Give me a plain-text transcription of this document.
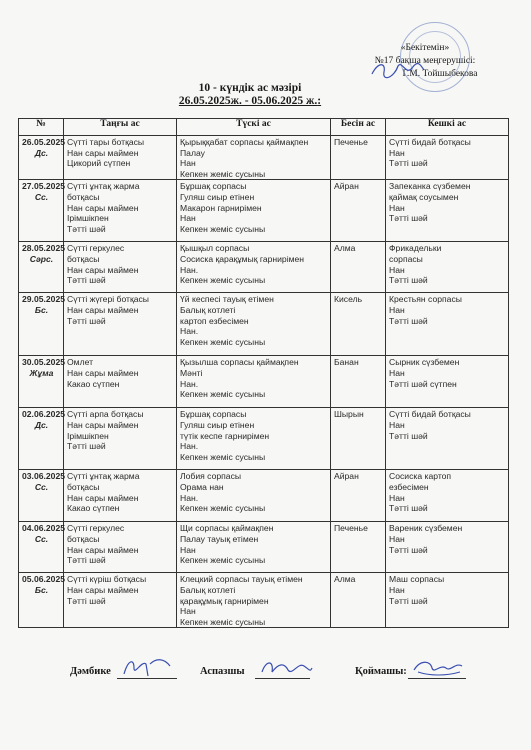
«Бекітемін»
№17 бақша меңгерушісі:
Г.М. Тойшыбекова
10 - күндік ас мәзірі
26.05.2025ж. - 05.06.2025 ж.:
№	Таңғы ас	Түскі ас	Бесін ас	Кешкі ас

26.05.2025
Дс.	Сүтті тары ботқасы
Нан сары маймен
Цикорий сүтпен	Қырыққабат сорпасы қаймақпен
Палау
Нан
Кепкен жеміс сусыны	Печенье	Сүтті бидай ботқасы
Нан
Тәтті шәй

27.05.2025
Сс.	Сүтті ұнтақ жарма
ботқасы
Нан сары маймен
Ірімшікпен
Тәтті шәй	Бұршақ сорпасы
Гуляш сиыр етінен
Макарон гарнирімен
Нан
Кепкен жеміс сусыны	Айран	Запеканка сүзбемен
қаймақ соусымен
Нан
Тәтті шәй

28.05.2025
Сәрс.	Сүтті геркулес
ботқасы
Нан сары маймен
Тәтті шәй	Қышқыл сорпасы
Сосиска қарақұмық гарнирімен
Нан.
Кепкен жеміс сусыны	Алма	Фрикадельки
сорпасы
Нан
Тәтті шәй

29.05.2025
Бс.	Сүтті жүгері ботқасы
Нан сары маймен
Тәтті шәй	Үй кеспесі тауық етімен
Балық котлеті
картоп езбесімен
Нан.
Кепкен жеміс сусыны	Кисель	Крестьян сорпасы
Нан
Тәтті шәй

30.05.2025
Жұма	Омлет
Нан сары маймен
Какао сүтпен	Қызылша сорпасы қаймақпен
Мәнті
Нан.
Кепкен жеміс сусыны	Банан	Сырник сүзбемен
Нан
Тәтті шәй сүтпен

02.06.2025
Дс.	Сүтті арпа ботқасы
Нан сары маймен
Ірімшікпен
Тәтті шәй	Бұршақ сорпасы
Гуляш сиыр етінен
түтік кеспе гарнирімен
Нан.
Кепкен жеміс сусыны	Шырын	Сүтті бидай ботқасы
Нан
Тәтті шәй

03.06.2025
Сс.	Сүтті ұнтақ жарма
ботқасы
Нан сары маймен
Какао сүтпен	Лобия сорпасы
Орама нан
Нан.
Кепкен жеміс сусыны	Айран	Сосиска картоп
езбесімен
Нан
Тәтті шәй

04.06.2025
Сс.	Сүтті геркулес
ботқасы
Нан сары маймен
Тәтті шәй	Щи сорпасы қаймақпен
Палау тауық етімен
Нан
Кепкен жеміс сусыны	Печенье	Вареник сүзбемен
Нан
Тәтті шәй

05.06.2025
Бс.	Сүтті күріш ботқасы
Нан сары маймен
Тәтті шәй	Клецкий сорпасы тауық етімен
Балық котлеті
қарақұмық гарнирімен
Нан
Кепкен жеміс сусыны	Алма	Маш сорпасы
Нан
Тәтті шәй
Дәмбике	Аспазшы	Қоймашы:
